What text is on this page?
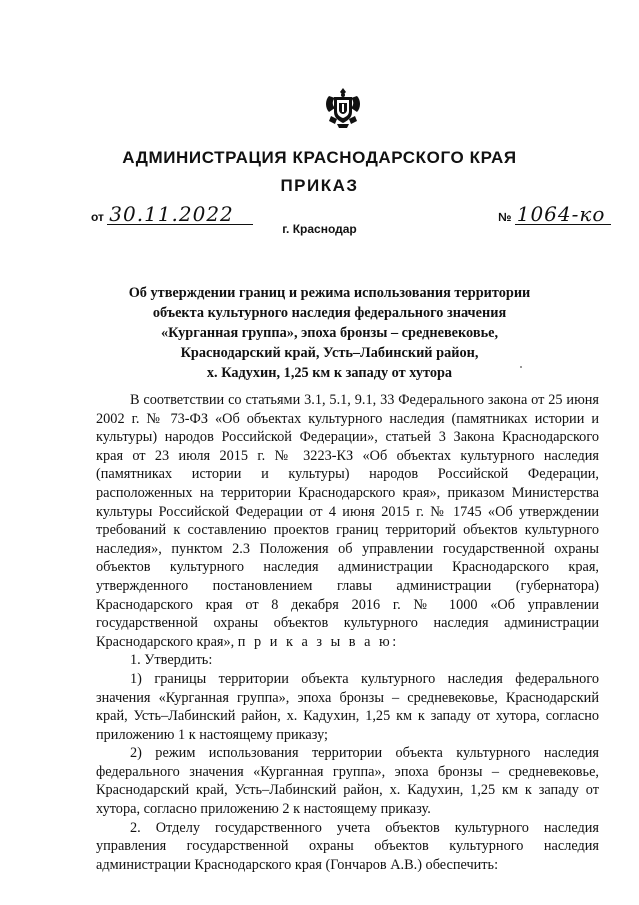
АДМИНИСТРАЦИЯ КРАСНОДАРСКОГО КРАЯ
ПРИКАЗ
от 30.11.2022	№ 1064-ко
г. Краснодар
Об утверждении границ и режима использования территории
объекта культурного наследия федерального значения
«Курганная группа», эпоха бронзы – средневековье,
Краснодарский край, Усть–Лабинский район,
х. Кадухин, 1,25 км к западу от хутора

В соответствии со статьями 3.1, 5.1, 9.1, 33 Федерального закона от 25 июня 2002 г. № 73-ФЗ «Об объектах культурного наследия (памятниках истории и культуры) народов Российской Федерации», статьей 3 Закона Краснодарского края от 23 июля 2015 г. № 3223-КЗ «Об объектах культурного наследия (памятниках истории и культуры) народов Российской Федерации, расположенных на территории Краснодарского края», приказом Министерства культуры Российской Федерации от 4 июня 2015 г. № 1745 «Об утверждении требований к составлению проектов границ территорий объектов культурного наследия», пунктом 2.3 Положения об управлении государственной охраны объектов культурного наследия администрации Краснодарского края, утвержденного постановлением главы администрации (губернатора) Краснодарского края от 8 декабря 2016 г. № 1000 «Об управлении государственной охраны объектов культурного наследия администрации Краснодарского края», п р и к а з ы в а ю:

1. Утвердить:

1) границы территории объекта культурного наследия федерального значения «Курганная группа», эпоха бронзы – средневековье, Краснодарский край, Усть–Лабинский район, х. Кадухин, 1,25 км к западу от хутора, согласно приложению 1 к настоящему приказу;

2) режим использования территории объекта культурного наследия федерального значения «Курганная группа», эпоха бронзы – средневековье, Краснодарский край, Усть–Лабинский район, х. Кадухин, 1,25 км к западу от хутора, согласно приложению 2 к настоящему приказу.

2. Отделу государственного учета объектов культурного наследия управления государственной охраны объектов культурного наследия администрации Краснодарского края (Гончаров А.В.) обеспечить:
